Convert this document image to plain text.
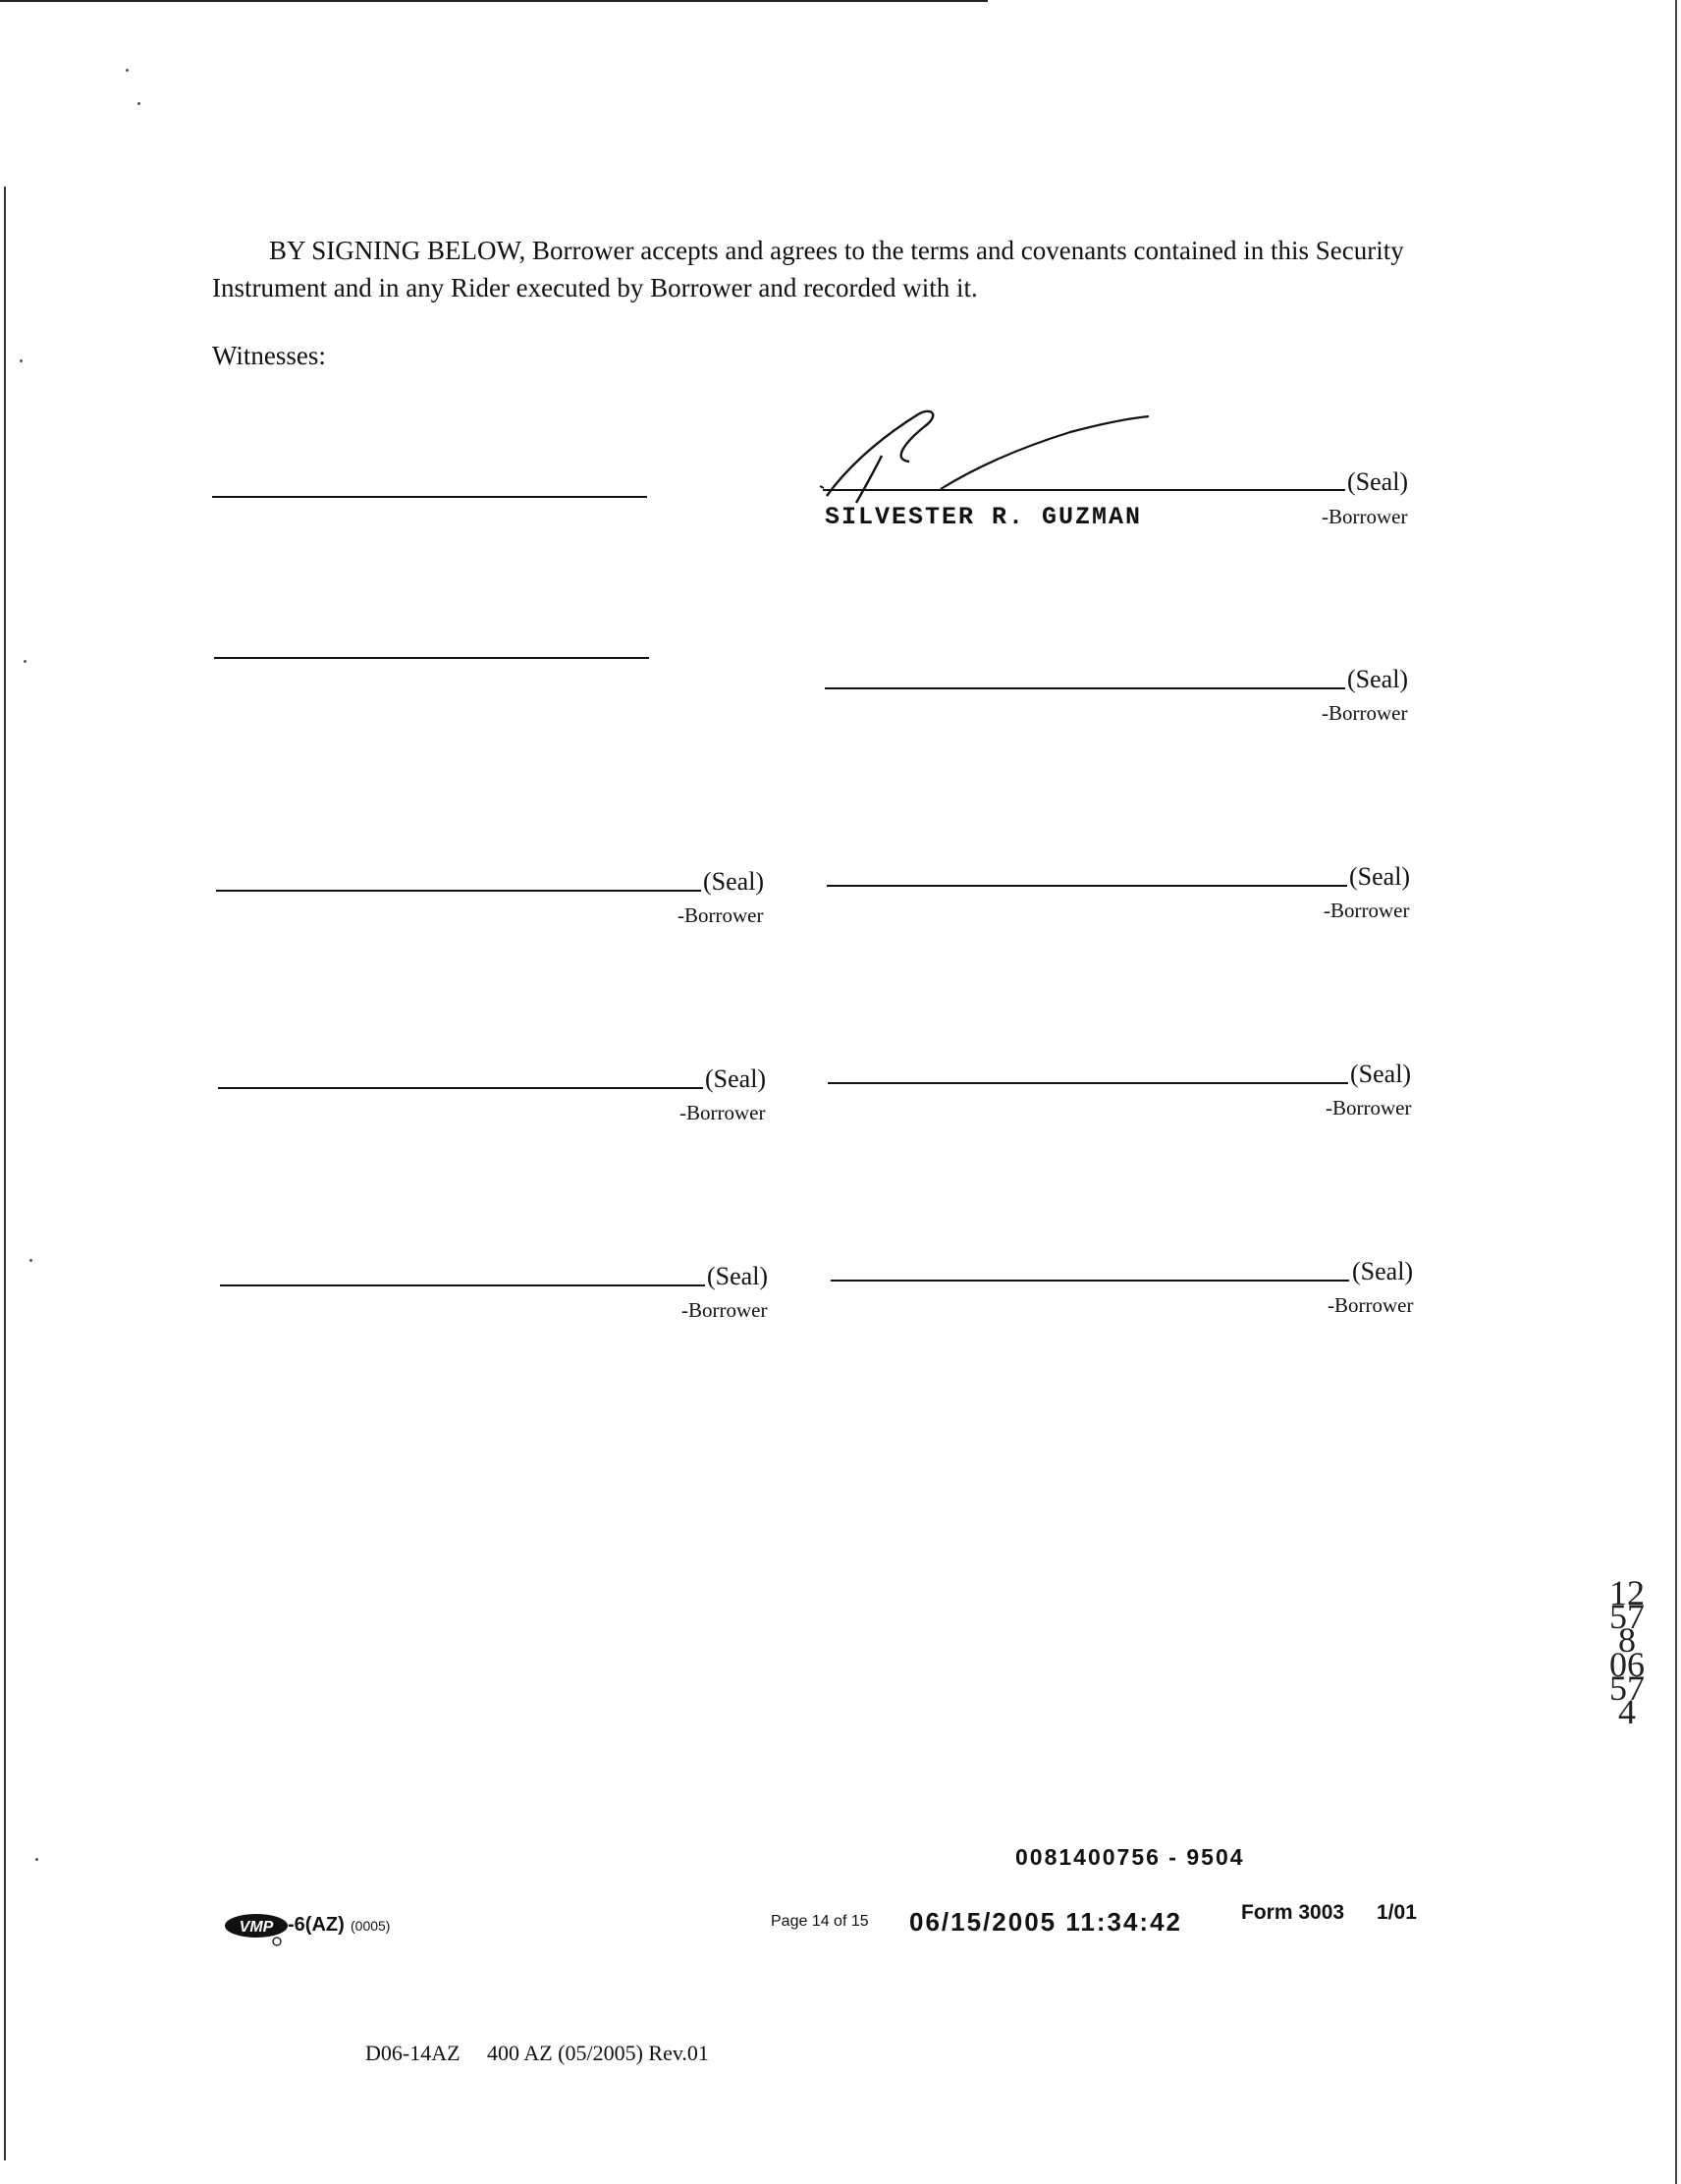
BY SIGNING BELOW, Borrower accepts and agrees to the terms and covenants contained in this Security Instrument and in any Rider executed by Borrower and recorded with it.
Witnesses:
(Seal)
SILVESTER R. GUZMAN	-Borrower
(Seal)
-Borrower
(Seal)
-Borrower
(Seal)
-Borrower
(Seal)
-Borrower
(Seal)
-Borrower
(Seal)
-Borrower
(Seal)
-Borrower
12578 06574
0081400756 - 9504
VMP -6(AZ) (0005)	Page 14 of 15 06/15/2005 11:34:42	Form 3003 1/01
D06-14AZ     400 AZ (05/2005) Rev.01
